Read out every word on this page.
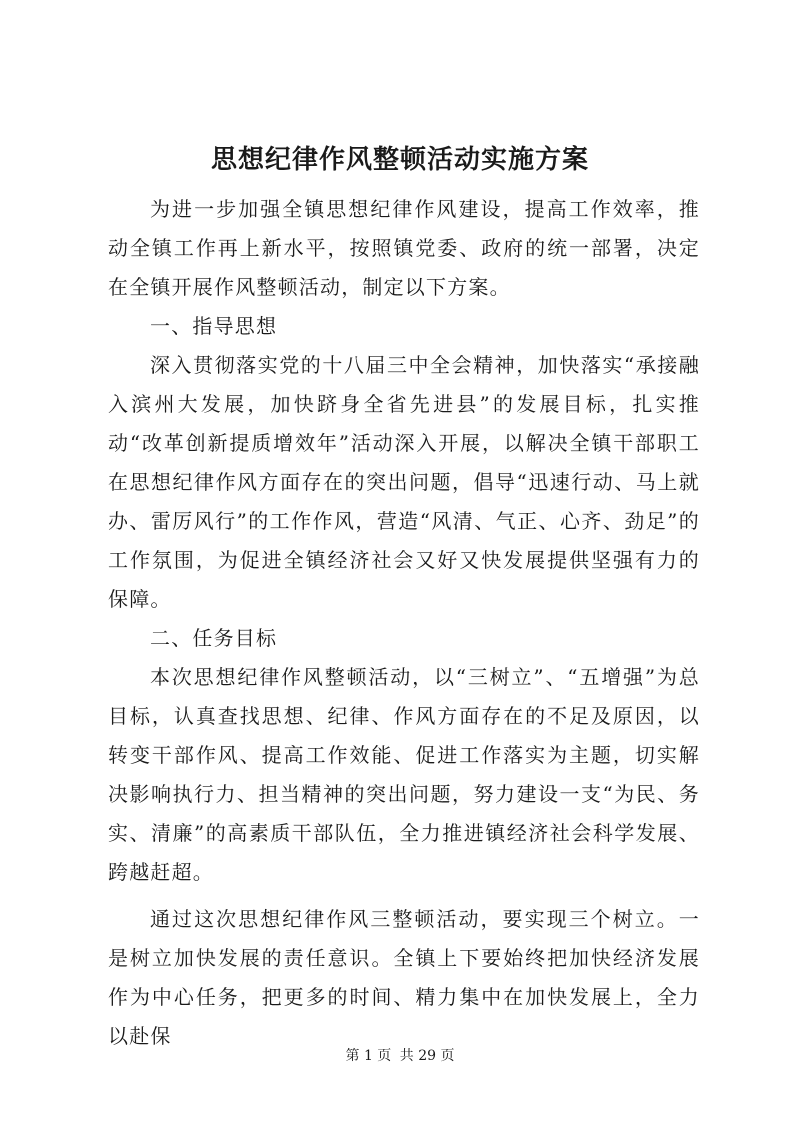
思想纪律作风整顿活动实施方案

为进一步加强全镇思想纪律作风建设，提高工作效率，推动全镇工作再上新水平，按照镇党委、政府的统一部署，决定在全镇开展作风整顿活动，制定以下方案。

一、指导思想

深入贯彻落实党的十八届三中全会精神，加快落实“承接融入滨州大发展，加快跻身全省先进县”的发展目标，扎实推动“改革创新提质增效年”活动深入开展，以解决全镇干部职工在思想纪律作风方面存在的突出问题，倡导“迅速行动、马上就办、雷厉风行”的工作作风，营造“风清、气正、心齐、劲足”的工作氛围，为促进全镇经济社会又好又快发展提供坚强有力的保障。

二、任务目标

本次思想纪律作风整顿活动，以“三树立”、“五增强”为总目标，认真查找思想、纪律、作风方面存在的不足及原因，以转变干部作风、提高工作效能、促进工作落实为主题，切实解决影响执行力、担当精神的突出问题，努力建设一支“为民、务实、清廉”的高素质干部队伍，全力推进镇经济社会科学发展、跨越赶超。

通过这次思想纪律作风三整顿活动，要实现三个树立。一是树立加快发展的责任意识。全镇上下要始终把加快经济发展作为中心任务，把更多的时间、精力集中在加快发展上，全力以赴保

第 1 页 共 29 页
